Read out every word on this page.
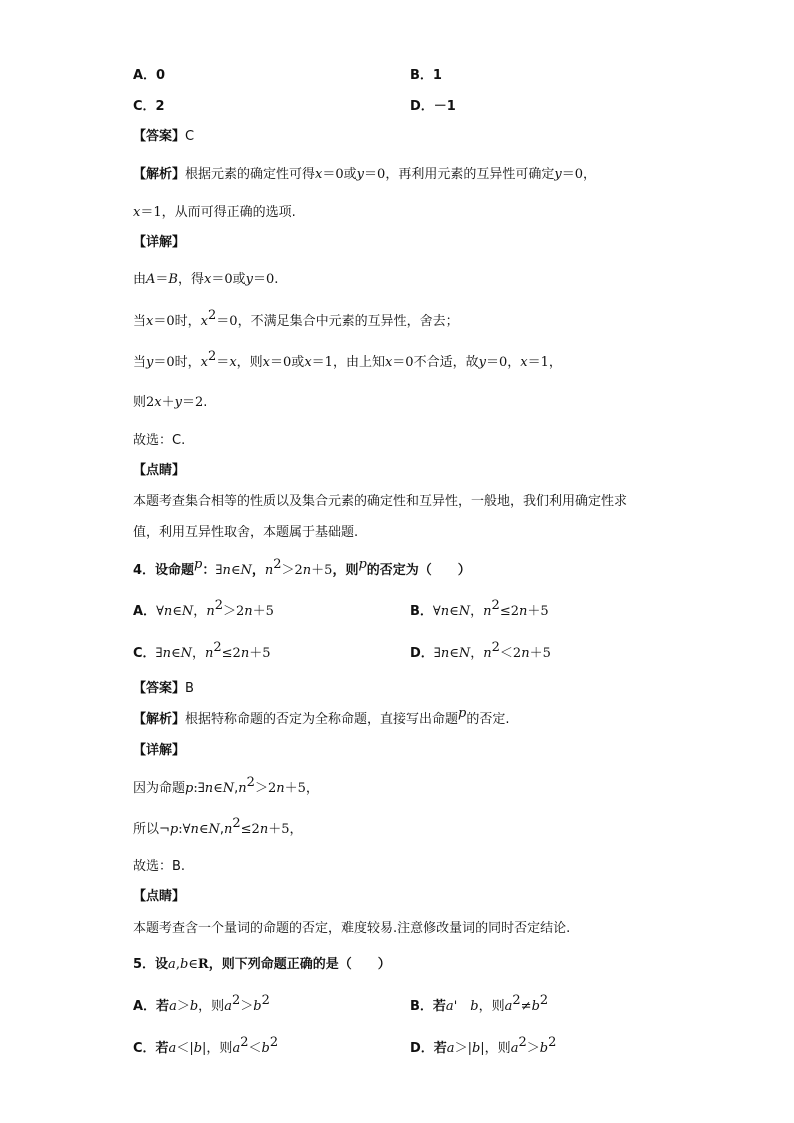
A．0	B．1
C．2	D．－1
【答案】C
【解析】根据元素的确定性可得x＝0或y＝0，再利用元素的互异性可确定y＝0，
x＝1，从而可得正确的选项.
【详解】
由A＝B，得x＝0或y＝0.
当x＝0时，$x^2=0$，不满足集合中元素的互异性，舍去；
当y＝0时，$x^2=x$，则x＝0或x＝1，由上知x＝0不合适，故y＝0，x＝1，
则2x＋y＝2.
故选：C.
【点睛】
本题考查集合相等的性质以及集合元素的确定性和互异性，一般地，我们利用确定性求
值，利用互异性取舍，本题属于基础题.
4．设命题$^p$：∃n∈N，$n^2>2n+5$，则$^p$的否定为（　　）
A．∀n∈N，$n^2>2n+5$	B．∀n∈N，$n^2\le 2n+5$
C．∃n∈N，$n^2\le 2n+5$	D．∃n∈N，$n^2<2n+5$
【答案】B
【解析】根据特称命题的否定为全称命题，直接写出命题$^p$的否定.
【详解】
因为命题$p:\exists n\in N,n^2>2n+5$，
所以$\neg p:\forall n\in N,n^2\le 2n+5$，
故选：B.
【点睛】
本题考查含一个量词的命题的否定，难度较易.注意修改量词的同时否定结论.
5．设a,b∈R，则下列命题正确的是（　　）
A．若a＞b，则$a^2>b^2$	B．若a'　b，则$a^2\ne b^2$
C．若a＜|b|，则$a^2<b^2$	D．若a＞|b|，则$a^2>b^2$
